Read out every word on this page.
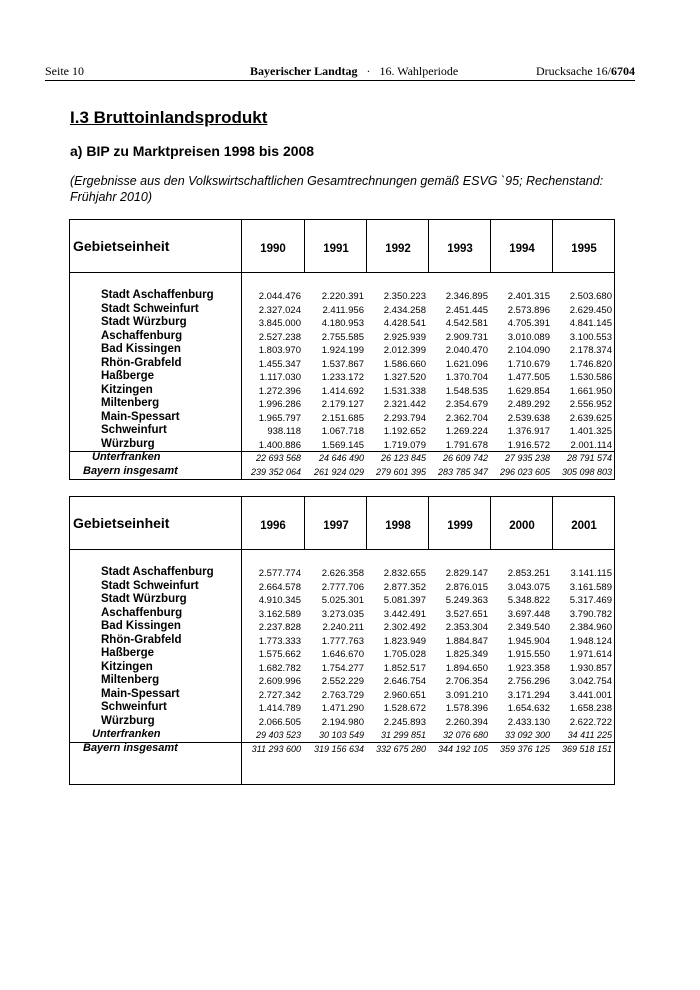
Seite 10	Bayerischer Landtag · 16. Wahlperiode	Drucksache 16/6704
I.3 Bruttoinlandsprodukt
a) BIP zu Marktpreisen 1998 bis 2008
(Ergebnisse aus den Volkswirtschaftlichen Gesamtrechnungen gemäß ESVG `95; Rechenstand: Frühjahr 2010)
Gebietseinheit	1990	1991	1992	1993	1994	1995
Stadt Aschaffenburg	2.044.476	2.220.391	2.350.223	2.346.895	2.401.315	2.503.680
Stadt Schweinfurt	2.327.024	2.411.956	2.434.258	2.451.445	2.573.896	2.629.450
Stadt Würzburg	3.845.000	4.180.953	4.428.541	4.542.581	4.705.391	4.841.145
Aschaffenburg	2.527.238	2.755.585	2.925.939	2.909.731	3.010.089	3.100.553
Bad Kissingen	1.803.970	1.924.199	2.012.399	2.040.470	2.104.090	2.178.374
Rhön-Grabfeld	1.455.347	1.537.867	1.586.660	1.621.096	1.710.679	1.746.820
Haßberge	1.117.030	1.233.172	1.327.520	1.370.704	1.477.505	1.530.586
Kitzingen	1.272.396	1.414.692	1.531.338	1.548.535	1.629.854	1.661.950
Miltenberg	1.996.286	2.179.127	2.321.442	2.354.679	2.489.292	2.556.952
Main-Spessart	1.965.797	2.151.685	2.293.794	2.362.704	2.539.638	2.639.625
Schweinfurt	938.118	1.067.718	1.192.652	1.269.224	1.376.917	1.401.325
Würzburg	1.400.886	1.569.145	1.719.079	1.791.678	1.916.572	2.001.114
Unterfranken	22 693 568	24 646 490	26 123 845	26 609 742	27 935 238	28 791 574
Bayern insgesamt	239 352 064	261 924 029	279 601 395	283 785 347	296 023 605	305 098 803
Gebietseinheit	1996	1997	1998	1999	2000	2001
Stadt Aschaffenburg	2.577.774	2.626.358	2.832.655	2.829.147	2.853.251	3.141.115
Stadt Schweinfurt	2.664.578	2.777.706	2.877.352	2.876.015	3.043.075	3.161.589
Stadt Würzburg	4.910.345	5.025.301	5.081.397	5.249.363	5.348.822	5.317.469
Aschaffenburg	3.162.589	3.273.035	3.442.491	3.527.651	3.697.448	3.790.782
Bad Kissingen	2.237.828	2.240.211	2.302.492	2.353.304	2.349.540	2.384.960
Rhön-Grabfeld	1.773.333	1.777.763	1.823.949	1.884.847	1.945.904	1.948.124
Haßberge	1.575.662	1.646.670	1.705.028	1.825.349	1.915.550	1.971.614
Kitzingen	1.682.782	1.754.277	1.852.517	1.894.650	1.923.358	1.930.857
Miltenberg	2.609.996	2.552.229	2.646.754	2.706.354	2.756.296	3.042.754
Main-Spessart	2.727.342	2.763.729	2.960.651	3.091.210	3.171.294	3.441.001
Schweinfurt	1.414.789	1.471.290	1.528.672	1.578.396	1.654.632	1.658.238
Würzburg	2.066.505	2.194.980	2.245.893	2.260.394	2.433.130	2.622.722
Unterfranken	29 403 523	30 103 549	31 299 851	32 076 680	33 092 300	34 411 225
Bayern insgesamt	311 293 600	319 156 634	332 675 280	344 192 105	359 376 125	369 518 151
